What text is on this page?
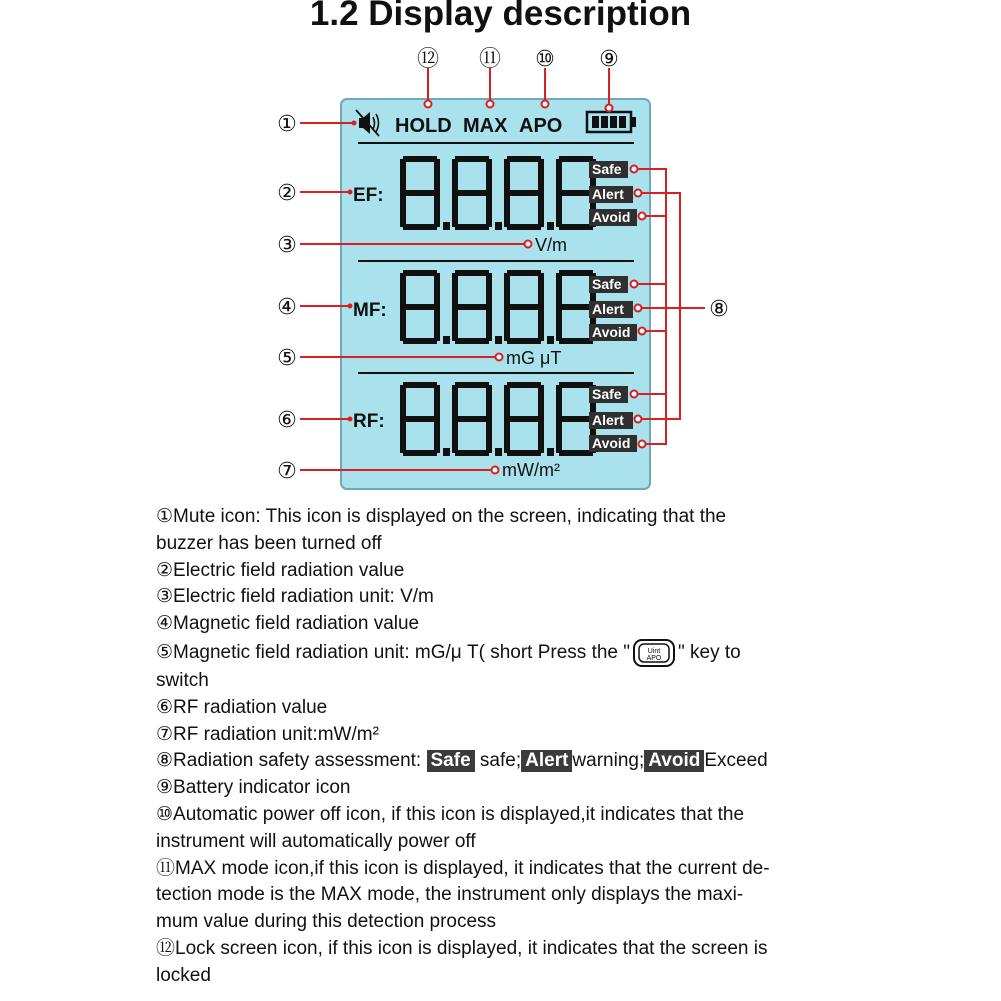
1.2 Display description
HOLD MAX APO
EF:
MF:
RF:
V/m
mG μT
mW/m²
Safe
Alert
Avoid
Safe
Alert
Avoid
Safe
Alert
Avoid
①
②
③
④
⑤
⑥
⑦
⑧
⑨
⑩
⑪
⑫

①Mute icon: This icon is displayed on the screen, indicating that the

buzzer has been turned off

②Electric field radiation value

③Electric field radiation unit: V/m

④Magnetic field radiation value

⑤Magnetic field radiation unit: mG/μ T( short Press the "	Uint
APO " key to

switch

⑥RF radiation value

⑦RF radiation unit:mW/m²

⑧Radiation safety assessment: Safe safe; Alert warning; Avoid Exceed

⑨Battery indicator icon

⑩Automatic power off icon, if this icon is displayed,it indicates that the

instrument will automatically power off

⑪MAX mode icon,if this icon is displayed, it indicates that the current de-

tection mode is the MAX mode, the instrument only displays the maxi-

mum value during this detection process

⑫Lock screen icon, if this icon is displayed, it indicates that the screen is

locked
